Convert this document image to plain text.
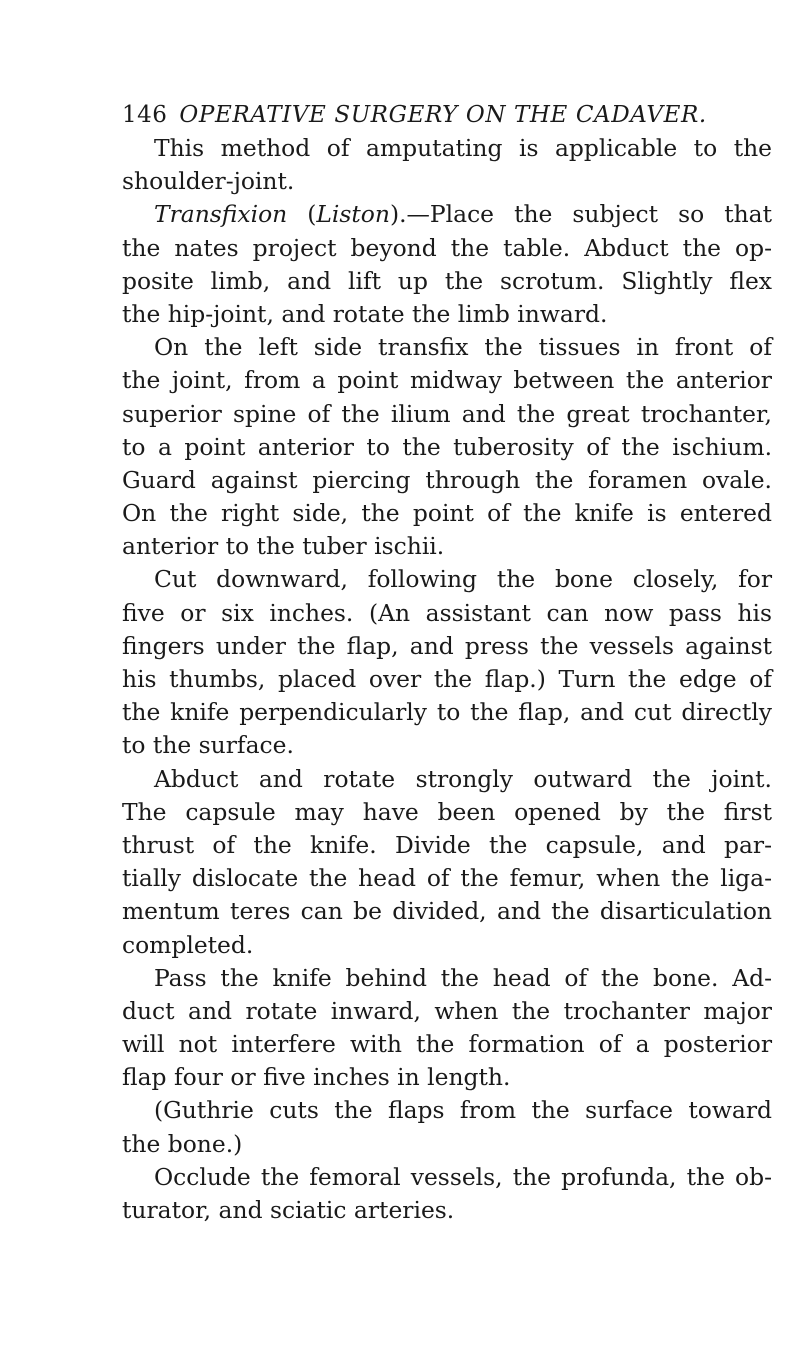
146 OPERATIVE SURGERY ON THE CADAVER.
This method of amputating is applicable to the
shoulder-joint.
Transfixion (Liston).—Place the subject so that
the nates project beyond the table. Abduct the op-
posite limb, and lift up the scrotum. Slightly flex
the hip-joint, and rotate the limb inward.
On the left side transfix the tissues in front of
the joint, from a point midway between the anterior
superior spine of the ilium and the great trochanter,
to a point anterior to the tuberosity of the ischium.
Guard against piercing through the foramen ovale.
On the right side, the point of the knife is entered
anterior to the tuber ischii.
Cut downward, following the bone closely, for
five or six inches. (An assistant can now pass his
fingers under the flap, and press the vessels against
his thumbs, placed over the flap.) Turn the edge of
the knife perpendicularly to the flap, and cut directly
to the surface.
Abduct and rotate strongly outward the joint.
The capsule may have been opened by the first
thrust of the knife. Divide the capsule, and par-
tially dislocate the head of the femur, when the liga-
mentum teres can be divided, and the disarticulation
completed.
Pass the knife behind the head of the bone. Ad-
duct and rotate inward, when the trochanter major
will not interfere with the formation of a posterior
flap four or five inches in length.
(Guthrie cuts the flaps from the surface toward
the bone.)
Occlude the femoral vessels, the profunda, the ob-
turator, and sciatic arteries.
